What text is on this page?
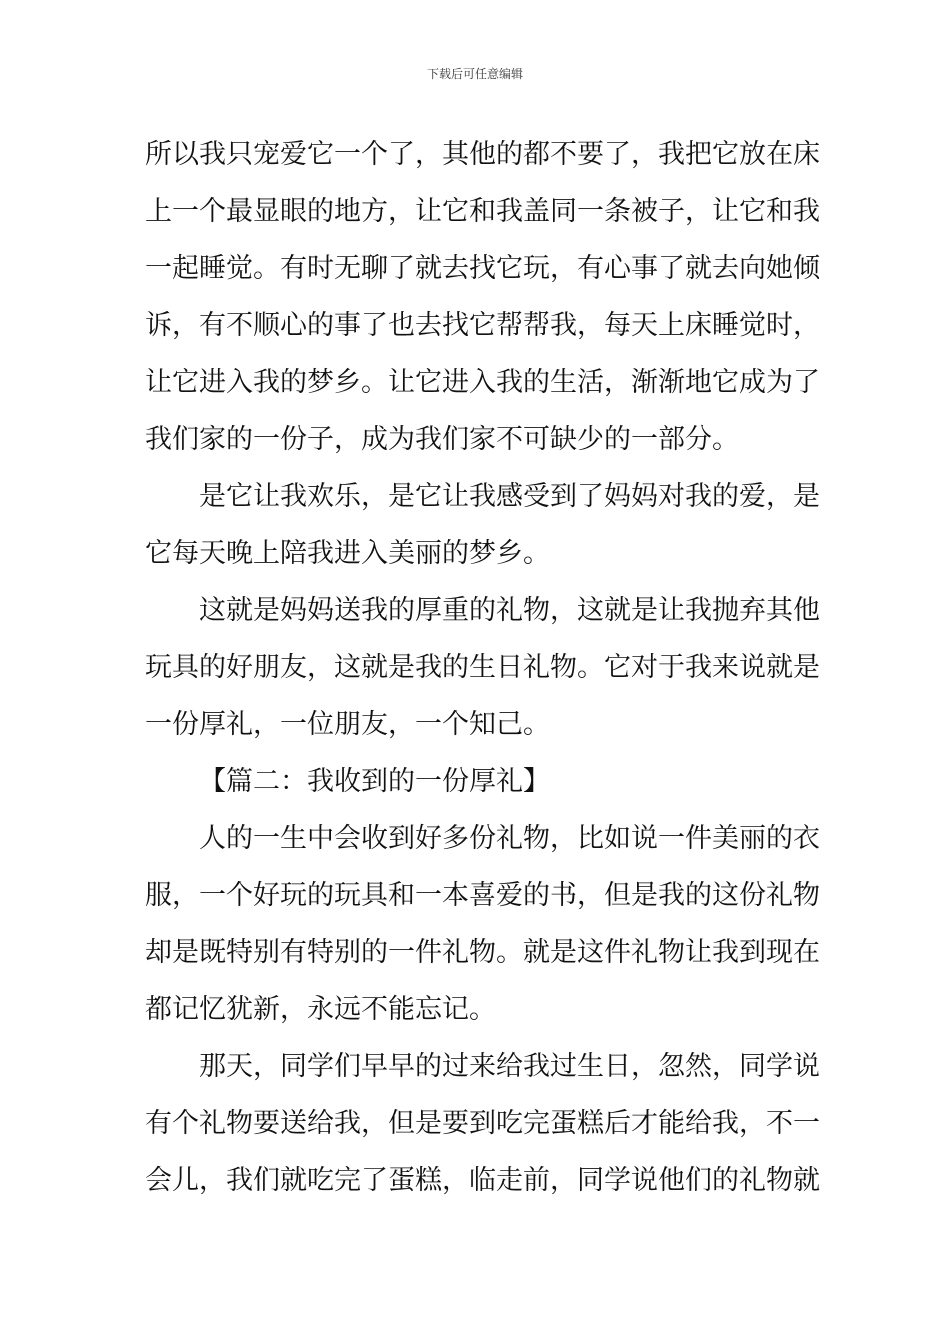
下载后可任意编辑
所以我只宠爱它一个了，其他的都不要了，我把它放在床
上一个最显眼的地方，让它和我盖同一条被子，让它和我
一起睡觉。有时无聊了就去找它玩，有心事了就去向她倾
诉，有不顺心的事了也去找它帮帮我，每天上床睡觉时，
让它进入我的梦乡。让它进入我的生活，渐渐地它成为了
我们家的一份子，成为我们家不可缺少的一部分。
是它让我欢乐，是它让我感受到了妈妈对我的爱，是
它每天晚上陪我进入美丽的梦乡。
这就是妈妈送我的厚重的礼物，这就是让我抛弃其他
玩具的好朋友，这就是我的生日礼物。它对于我来说就是
一份厚礼，一位朋友，一个知己。
【篇二：我收到的一份厚礼】
人的一生中会收到好多份礼物，比如说一件美丽的衣
服，一个好玩的玩具和一本喜爱的书，但是我的这份礼物
却是既特别有特别的一件礼物。就是这件礼物让我到现在
都记忆犹新，永远不能忘记。
那天，同学们早早的过来给我过生日，忽然，同学说
有个礼物要送给我，但是要到吃完蛋糕后才能给我，不一
会儿，我们就吃完了蛋糕，临走前，同学说他们的礼物就
